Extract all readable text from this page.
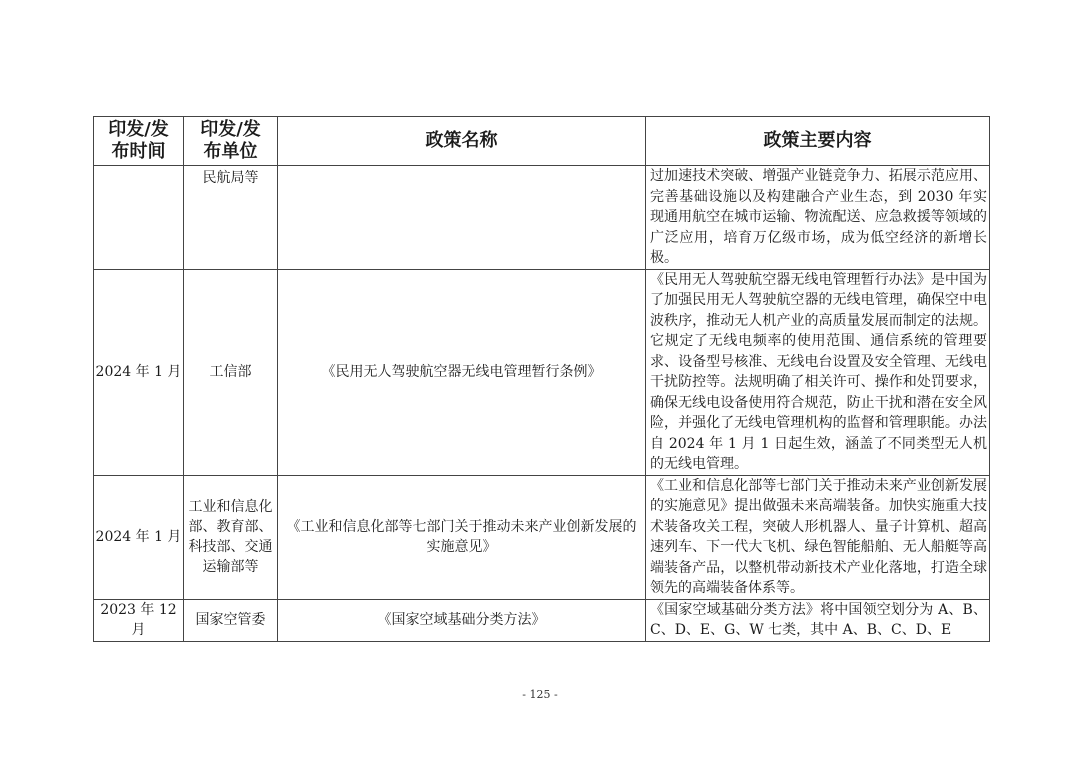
印发/发布时间	印发/发布单位	政策名称	政策主要内容

	民航局等		过加速技术突破、增强产业链竞争力、拓展示范应用、完善基础设施以及构建融合产业生态，到 2030 年实现通用航空在城市运输、物流配送、应急救援等领域的广泛应用，培育万亿级市场，成为低空经济的新增长极。

2024 年 1 月	工信部	《民用无人驾驶航空器无线电管理暂行条例》	《民用无人驾驶航空器无线电管理暂行办法》是中国为了加强民用无人驾驶航空器的无线电管理，确保空中电波秩序，推动无人机产业的高质量发展而制定的法规。它规定了无线电频率的使用范围、通信系统的管理要求、设备型号核准、无线电台设置及安全管理、无线电干扰防控等。法规明确了相关许可、操作和处罚要求，确保无线电设备使用符合规范，防止干扰和潜在安全风险，并强化了无线电管理机构的监督和管理职能。办法自 2024 年 1 月 1 日起生效，涵盖了不同类型无人机的无线电管理。

2024 年 1 月	工业和信息化部、教育部、科技部、交通运输部等	《工业和信息化部等七部门关于推动未来产业创新发展的实施意见》	《工业和信息化部等七部门关于推动未来产业创新发展的实施意见》提出做强未来高端装备。加快实施重大技术装备攻关工程，突破人形机器人、量子计算机、超高速列车、下一代大飞机、绿色智能船舶、无人船艇等高端装备产品，以整机带动新技术产业化落地，打造全球领先的高端装备体系等。

2023 年 12 月	国家空管委	《国家空域基础分类方法》	《国家空域基础分类方法》将中国领空划分为 A、B、C、D、E、G、W 七类，其中 A、B、C、D、E
- 125 -
